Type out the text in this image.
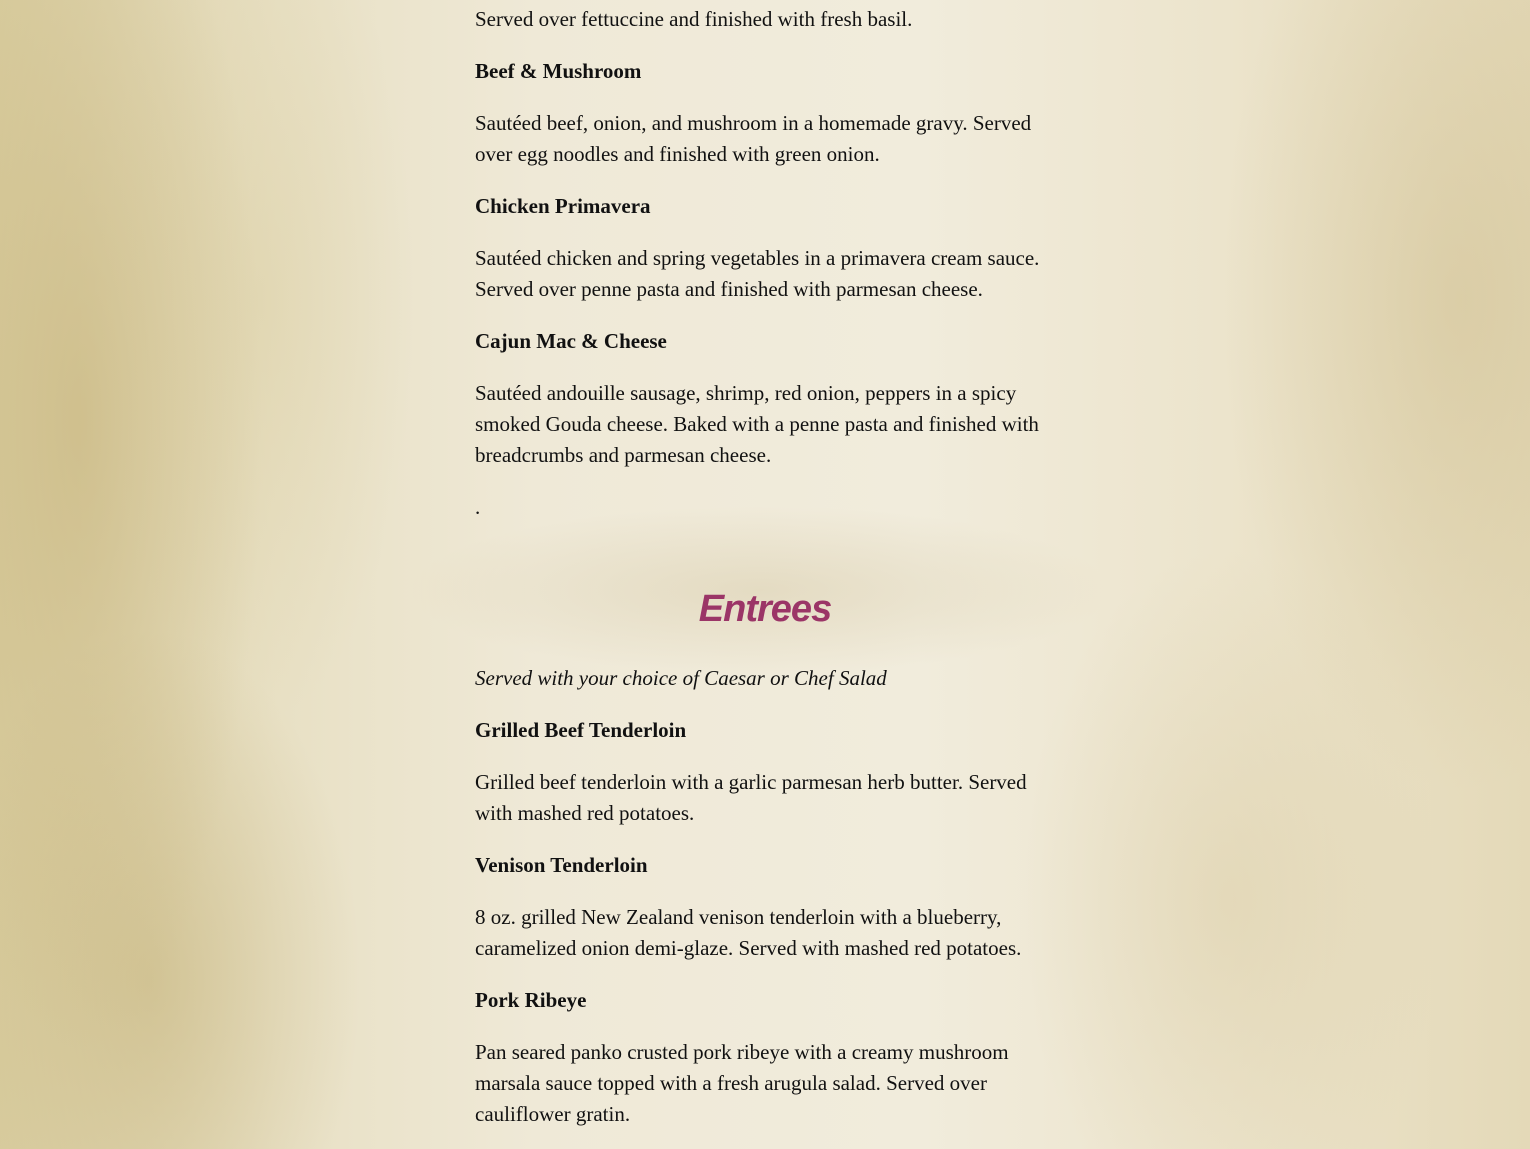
Served over fettuccine and finished with fresh basil.

Beef & Mushroom

Sautéed beef, onion, and mushroom in a homemade gravy. Served
over egg noodles and finished with green onion.

Chicken Primavera

Sautéed chicken and spring vegetables in a primavera cream sauce.
Served over penne pasta and finished with parmesan cheese.

Cajun Mac & Cheese

Sautéed andouille sausage, shrimp, red onion, peppers in a spicy
smoked Gouda cheese. Baked with a penne pasta and finished with
breadcrumbs and parmesan cheese.

.

Served with your choice of Caesar or Chef Salad

Grilled Beef Tenderloin

Grilled beef tenderloin with a garlic parmesan herb butter. Served
with mashed red potatoes.

Venison Tenderloin

8 oz. grilled New Zealand venison tenderloin with a blueberry,
caramelized onion demi-glaze. Served with mashed red potatoes.

Pork Ribeye

Pan seared panko crusted pork ribeye with a creamy mushroom
marsala sauce topped with a fresh arugula salad. Served over
cauliflower gratin.

Entrees
